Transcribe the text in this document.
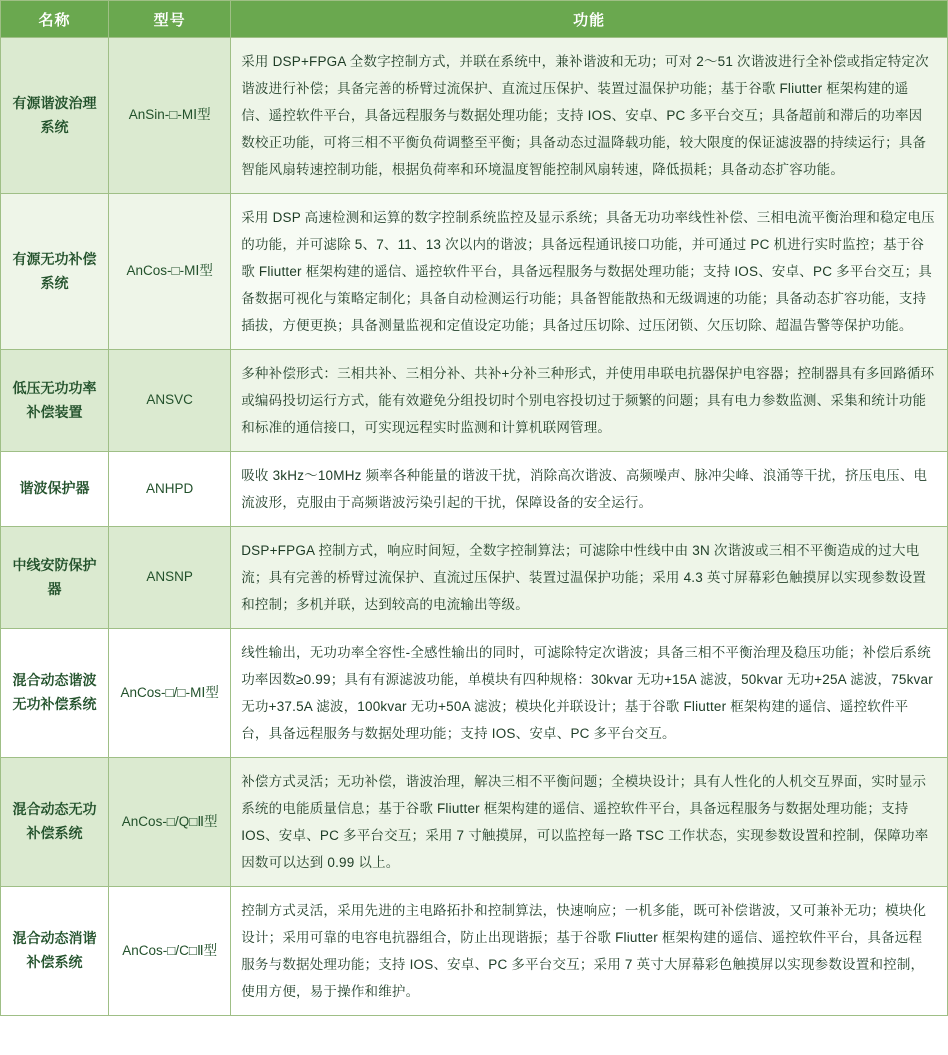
名称	型号	功能
有源谐波治理系统	AnSin-□-MⅠ型	采用 DSP+FPGA 全数字控制方式，并联在系统中，兼补谐波和无功；可对 2～51 次谐波进行全补偿或指定特定次谐波进行补偿；具备完善的桥臂过流保护、直流过压保护、装置过温保护功能；基于谷歌 Fliutter 框架构建的遥信、遥控软件平台，具备远程服务与数据处理功能；支持 IOS、安卓、PC 多平台交互；具备超前和滞后的功率因数校正功能，可将三相不平衡负荷调整至平衡；具备动态过温降载功能，较大限度的保证滤波器的持续运行；具备智能风扇转速控制功能，根据负荷率和环境温度智能控制风扇转速，降低损耗；具备动态扩容功能。
有源无功补偿系统	AnCos-□-MⅠ型	采用 DSP 高速检测和运算的数字控制系统监控及显示系统；具备无功功率线性补偿、三相电流平衡治理和稳定电压的功能，并可滤除 5、7、11、13 次以内的谐波；具备远程通讯接口功能，并可通过 PC 机进行实时监控；基于谷歌 Fliutter 框架构建的遥信、遥控软件平台，具备远程服务与数据处理功能；支持 IOS、安卓、PC 多平台交互；具备数据可视化与策略定制化；具备自动检测运行功能；具备智能散热和无级调速的功能；具备动态扩容功能，支持插拔，方便更换；具备测量监视和定值设定功能；具备过压切除、过压闭锁、欠压切除、超温告警等保护功能。
低压无功功率补偿装置	ANSVC	多种补偿形式：三相共补、三相分补、共补+分补三种形式，并使用串联电抗器保护电容器；控制器具有多回路循环或编码投切运行方式，能有效避免分组投切时个别电容投切过于频繁的问题；具有电力参数监测、采集和统计功能和标准的通信接口，可实现远程实时监测和计算机联网管理。
谐波保护器	ANHPD	吸收 3kHz～10MHz 频率各种能量的谐波干扰，消除高次谐波、高频噪声、脉冲尖峰、浪涌等干扰，挤压电压、电流波形，克服由于高频谐波污染引起的干扰，保障设备的安全运行。
中线安防保护器	ANSNP	DSP+FPGA 控制方式，响应时间短，全数字控制算法；可滤除中性线中由 3N 次谐波或三相不平衡造成的过大电流；具有完善的桥臂过流保护、直流过压保护、装置过温保护功能；采用 4.3 英寸屏幕彩色触摸屏以实现参数设置和控制；多机并联，达到较高的电流输出等级。
混合动态谐波无功补偿系统	AnCos-□/□-MⅠ型	线性输出，无功功率全容性-全感性输出的同时，可滤除特定次谐波；具备三相不平衡治理及稳压功能；补偿后系统功率因数≥0.99；具有有源滤波功能，单模块有四种规格：30kvar 无功+15A 滤波，50kvar 无功+25A 滤波，75kvar 无功+37.5A 滤波，100kvar 无功+50A 滤波；模块化并联设计；基于谷歌 Fliutter 框架构建的遥信、遥控软件平台，具备远程服务与数据处理功能；支持 IOS、安卓、PC 多平台交互。
混合动态无功补偿系统	AnCos-□/Q□Ⅱ型	补偿方式灵活；无功补偿，谐波治理，解决三相不平衡问题；全模块设计；具有人性化的人机交互界面，实时显示系统的电能质量信息；基于谷歌 Fliutter 框架构建的遥信、遥控软件平台，具备远程服务与数据处理功能；支持 IOS、安卓、PC 多平台交互；采用 7 寸触摸屏，可以监控每一路 TSC 工作状态，实现参数设置和控制，保障功率因数可以达到 0.99 以上。
混合动态消谐补偿系统	AnCos-□/C□Ⅱ型	控制方式灵活，采用先进的主电路拓扑和控制算法，快速响应；一机多能，既可补偿谐波，又可兼补无功；模块化设计；采用可靠的电容电抗器组合，防止出现谐振；基于谷歌 Fliutter 框架构建的遥信、遥控软件平台，具备远程服务与数据处理功能；支持 IOS、安卓、PC 多平台交互；采用 7 英寸大屏幕彩色触摸屏以实现参数设置和控制，使用方便，易于操作和维护。
